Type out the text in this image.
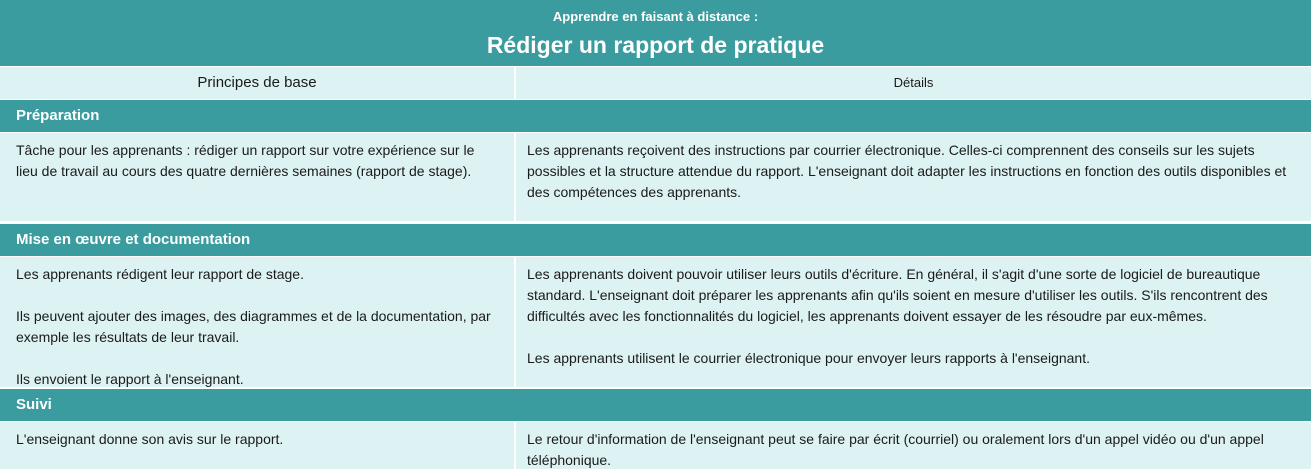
Apprendre en faisant à distance :
Rédiger un rapport de pratique
Principes de base	Détails
Préparation

Tâche pour les apprenants : rédiger un rapport sur votre expérience sur le lieu de travail au cours des quatre dernières semaines (rapport de stage).

Les apprenants reçoivent des instructions par courrier électronique. Celles-ci comprennent des conseils sur les sujets possibles et la structure attendue du rapport. L'enseignant doit adapter les instructions en fonction des outils disponibles et des compétences des apprenants.

Mise en œuvre et documentation

Les apprenants rédigent leur rapport de stage.

Ils peuvent ajouter des images, des diagrammes et de la documentation, par exemple les résultats de leur travail.

Ils envoient le rapport à l'enseignant.

Les apprenants doivent pouvoir utiliser leurs outils d'écriture. En général, il s'agit d'une sorte de logiciel de bureautique standard. L'enseignant doit préparer les apprenants afin qu'ils soient en mesure d'utiliser les outils. S'ils rencontrent des difficultés avec les fonctionnalités du logiciel, les apprenants doivent essayer de les résoudre par eux-mêmes.

Les apprenants utilisent le courrier électronique pour envoyer leurs rapports à l'enseignant.

Suivi

L'enseignant donne son avis sur le rapport.	Le retour d'information de l'enseignant peut se faire par écrit (courriel) ou oralement lors d'un appel vidéo ou d'un appel téléphonique.
